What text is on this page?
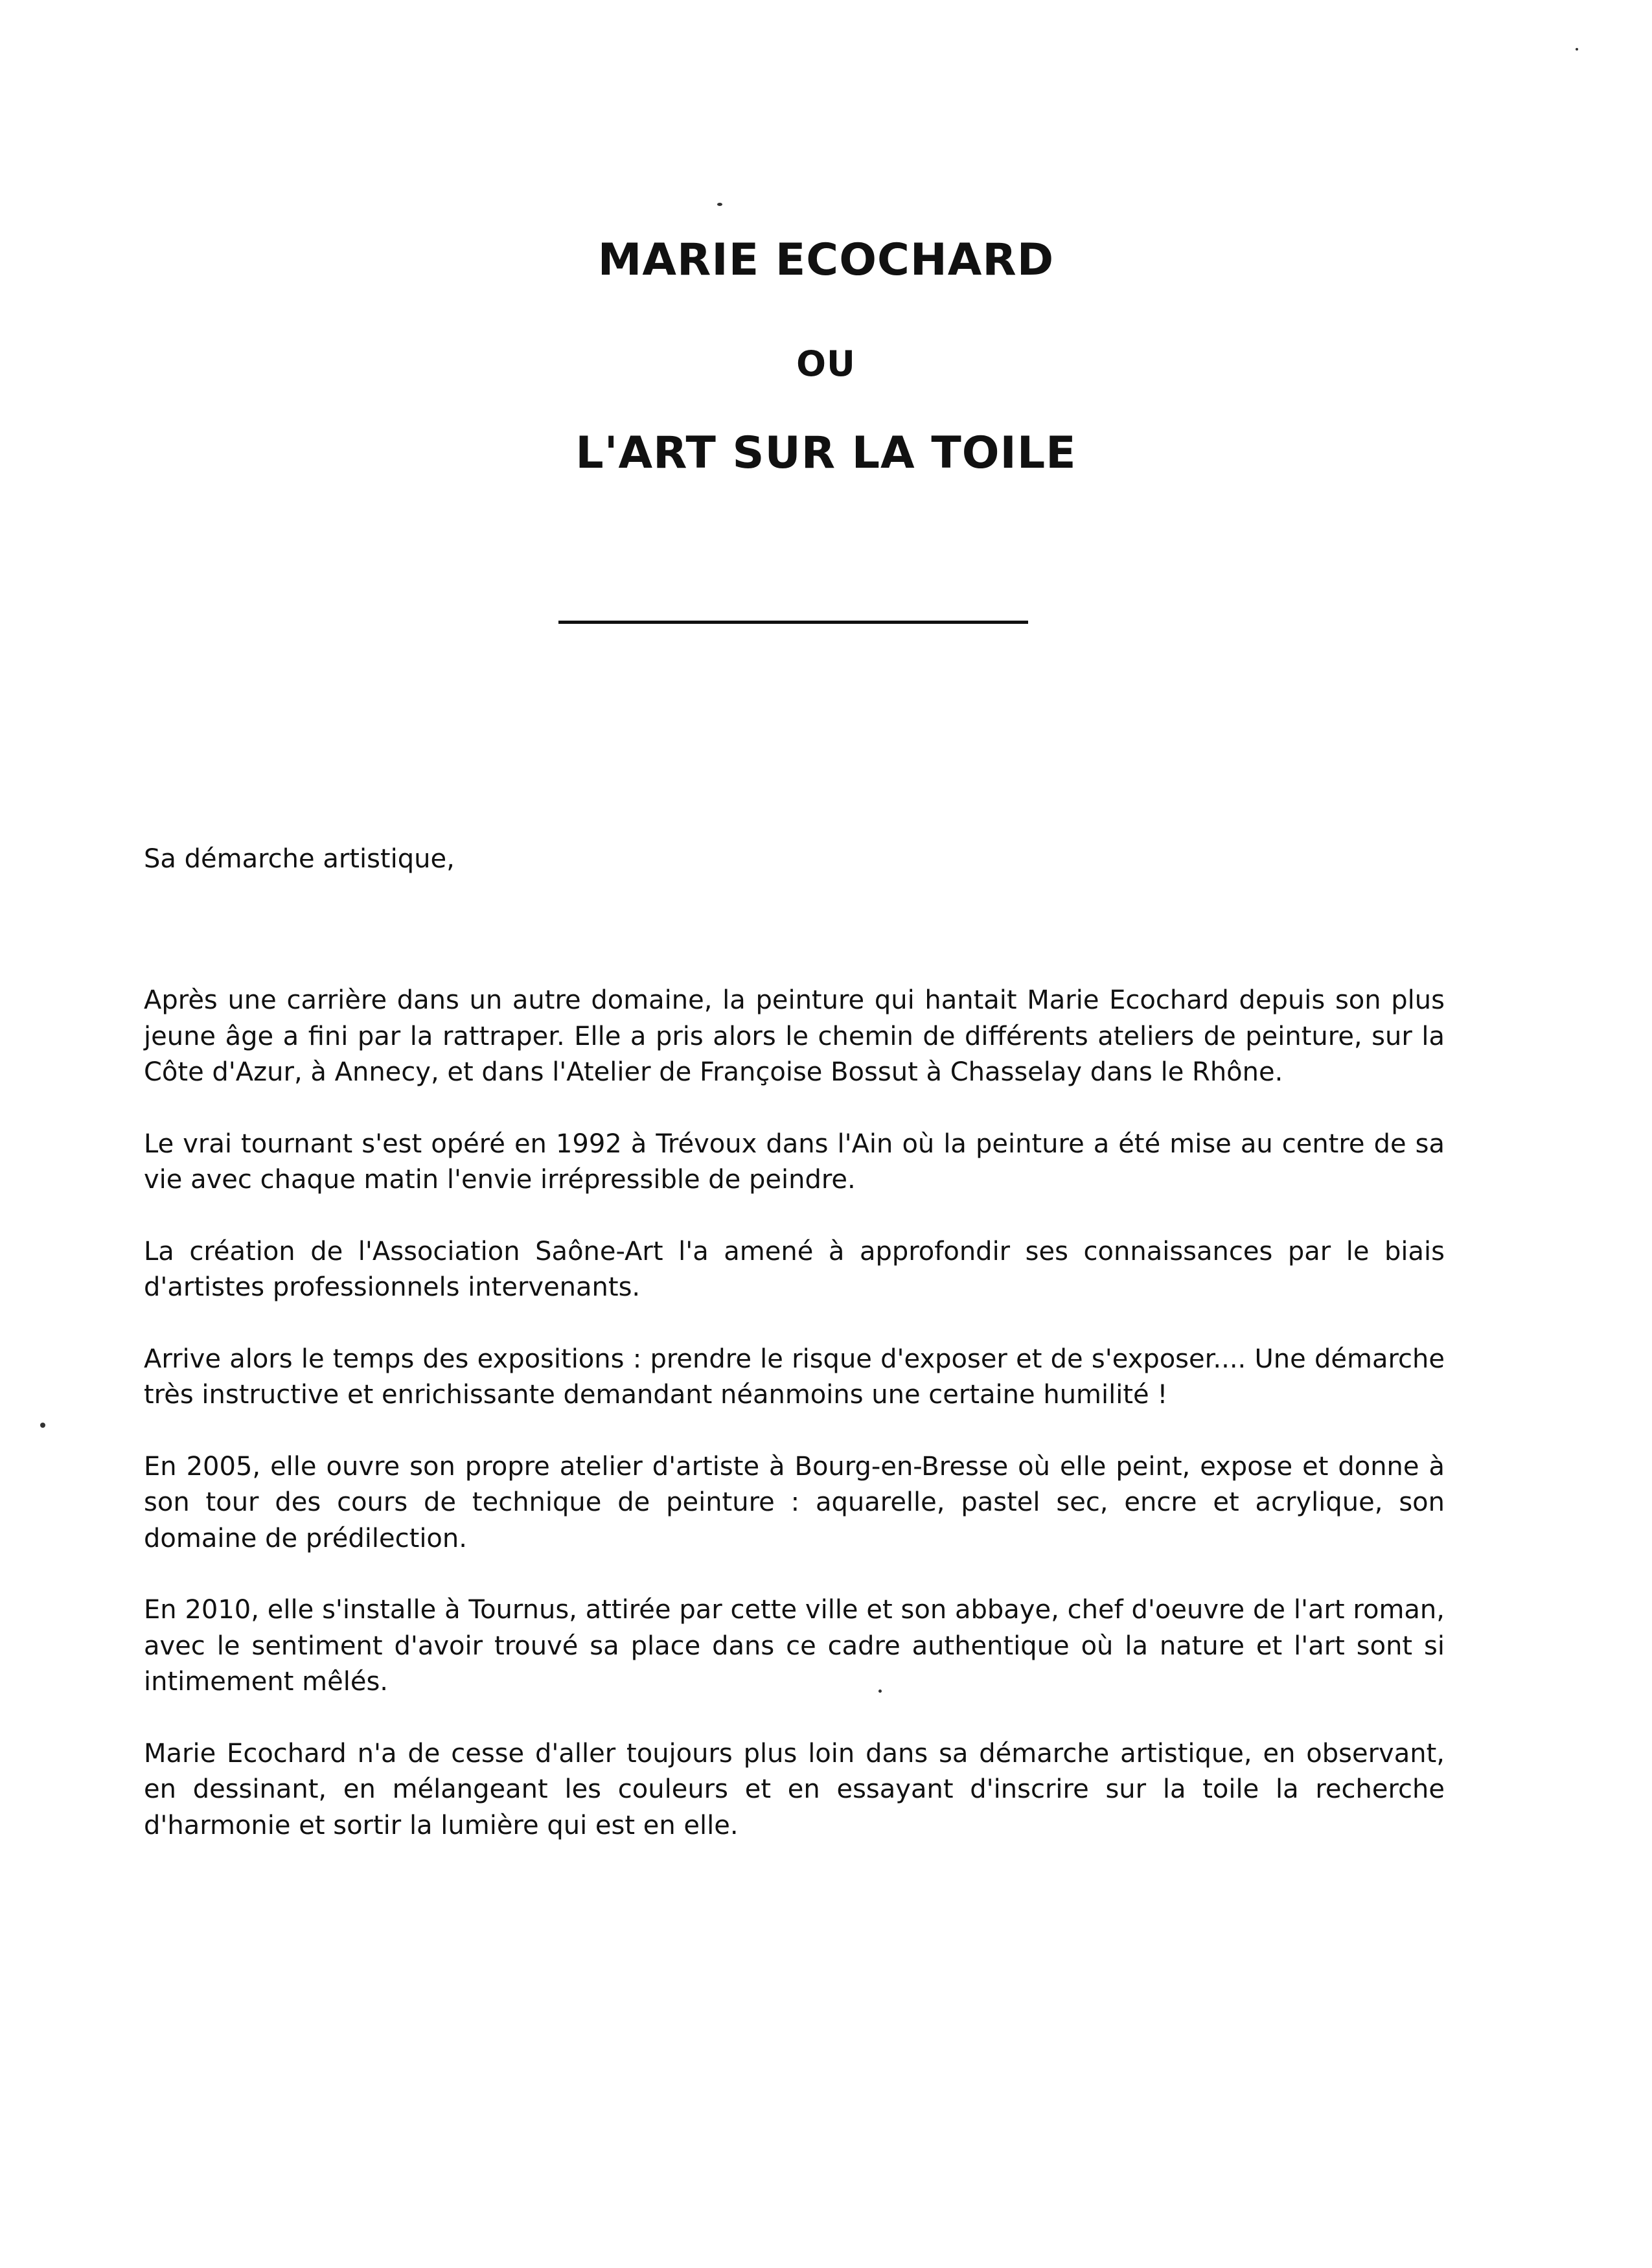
MARIE ECOCHARD
OU
L'ART SUR LA TOILE
Sa démarche artistique,

Après une carrière dans un autre domaine, la peinture qui hantait Marie Ecochard depuis son plus jeune âge a fini par la rattraper. Elle a pris alors le chemin de différents ateliers de peinture, sur la Côte d'Azur, à Annecy, et dans l'Atelier de Françoise Bossut à Chasselay dans le Rhône.

Le vrai tournant s'est opéré en 1992 à Trévoux dans l'Ain où la peinture a été mise au centre de sa vie avec chaque matin l'envie irrépressible de peindre.

La création de l'Association Saône-Art l'a amené à approfondir ses connaissances par le biais d'artistes professionnels intervenants.

Arrive alors le temps des expositions : prendre le risque d'exposer et de s'exposer.... Une démarche très instructive et enrichissante demandant néanmoins une certaine humilité !

En 2005, elle ouvre son propre atelier d'artiste à Bourg-en-Bresse où elle peint, expose et donne à son tour des cours de technique de peinture : aquarelle, pastel sec, encre et acrylique, son domaine de prédilection.

En 2010, elle s'installe à Tournus, attirée par cette ville et son abbaye, chef d'oeuvre de l'art roman, avec le sentiment d'avoir trouvé sa place dans ce cadre authentique où la nature et l'art sont si intimement mêlés.

Marie Ecochard n'a de cesse d'aller toujours plus loin dans sa démarche artistique, en observant, en dessinant, en mélangeant les couleurs et en essayant d'inscrire sur la toile la recherche d'harmonie et sortir la lumière qui est en elle.
